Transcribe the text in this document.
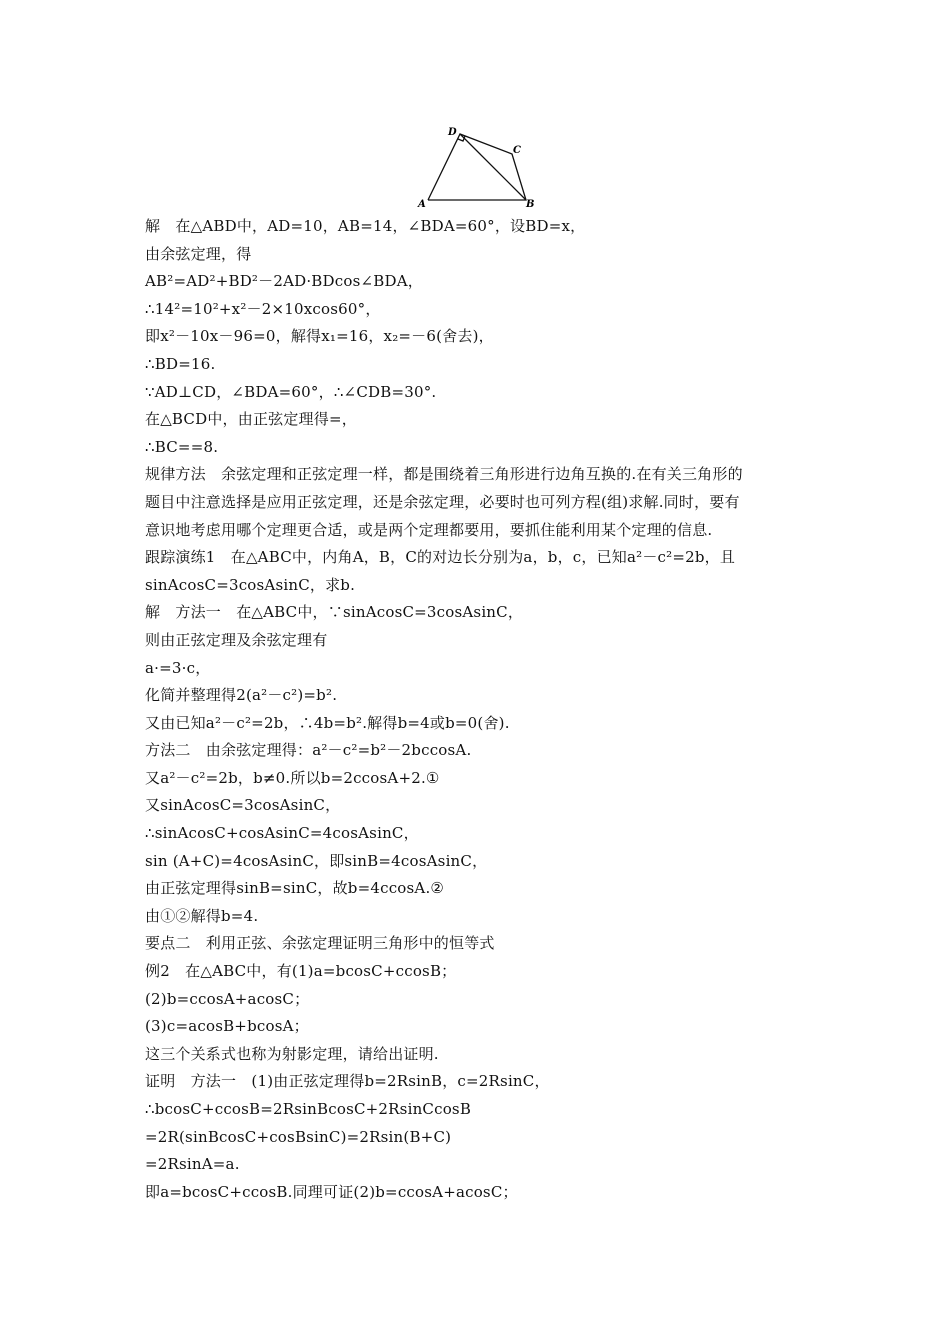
D
C
A	B
解　在△ABD中，AD=10，AB=14，∠BDA=60°，设BD=x，
由余弦定理，得
AB²=AD²+BD²－2AD·BDcos∠BDA，
∴14²=10²+x²－2×10xcos60°，
即x²－10x－96=0，解得x₁=16，x₂=－6(舍去)，
∴BD=16.
∵AD⊥CD，∠BDA=60°，∴∠CDB=30°.
在△BCD中，由正弦定理得=，
∴BC==8.
规律方法　余弦定理和正弦定理一样，都是围绕着三角形进行边角互换的.在有关三角形的
题目中注意选择是应用正弦定理，还是余弦定理，必要时也可列方程(组)求解.同时，要有
意识地考虑用哪个定理更合适，或是两个定理都要用，要抓住能利用某个定理的信息.
跟踪演练1　在△ABC中，内角A，B，C的对边长分别为a，b，c，已知a²－c²=2b，且
sinAcosC=3cosAsinC，求b.
解　方法一　在△ABC中，∵sinAcosC=3cosAsinC，
则由正弦定理及余弦定理有
a·=3·c，
化简并整理得2(a²－c²)=b².
又由已知a²－c²=2b，∴4b=b².解得b=4或b=0(舍).
方法二　由余弦定理得：a²－c²=b²－2bccosA.
又a²－c²=2b，b≠0.所以b=2ccosA+2.①
又sinAcosC=3cosAsinC，
∴sinAcosC+cosAsinC=4cosAsinC，
sin (A+C)=4cosAsinC，即sinB=4cosAsinC，
由正弦定理得sinB=sinC，故b=4ccosA.②
由①②解得b=4.
要点二　利用正弦、余弦定理证明三角形中的恒等式
例2　在△ABC中，有(1)a=bcosC+ccosB；
(2)b=ccosA+acosC；
(3)c=acosB+bcosA；
这三个关系式也称为射影定理，请给出证明.
证明　方法一　(1)由正弦定理得b=2RsinB，c=2RsinC，
∴bcosC+ccosB=2RsinBcosC+2RsinCcosB
=2R(sinBcosC+cosBsinC)=2Rsin(B+C)
=2RsinA=a.
即a=bcosC+ccosB.同理可证(2)b=ccosA+acosC；
